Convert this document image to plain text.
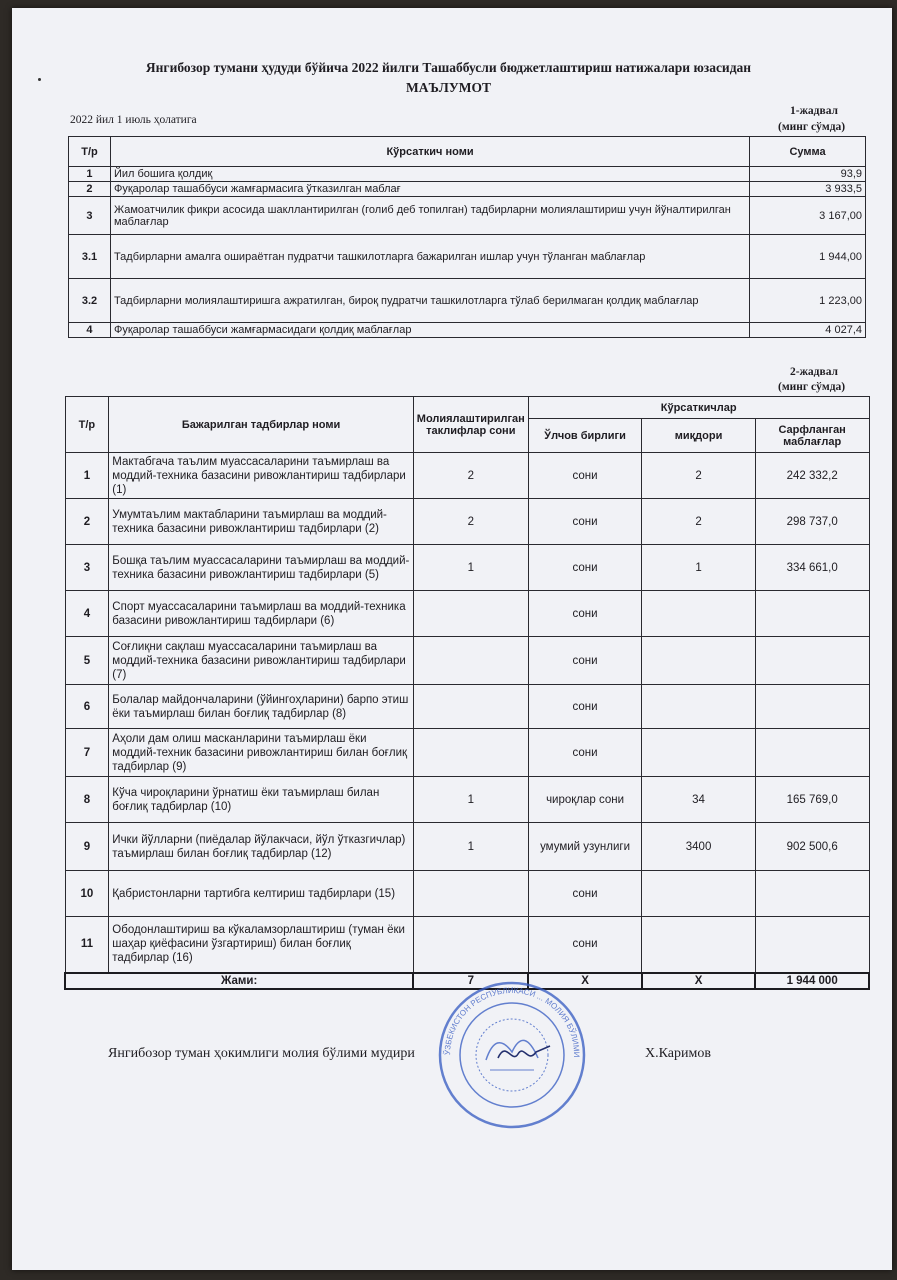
Янгибозор тумани ҳудуди бўйича 2022 йилги Ташаббусли бюджетлаштириш натижалари юзасидан
МАЪЛУМОТ
2022 йил 1 июль ҳолатига
1-жадвал
(минг сўмда)
Т/р	Кўрсаткич номи	Сумма
1	Йил бошига қолдиқ	93,9
2	Фуқаролар ташаббуси жамғармасига ўтказилган маблағ	3 933,5
3	Жамоатчилик фикри асосида шакллантирилган (голиб деб топилган) тадбирларни молиялаштириш учун йўналтирилган маблағлар	3 167,00
3.1	Тадбирларни амалга оширaётган пудратчи ташкилотларга бажарилган ишлар учун тўланган маблағлар	1 944,00
3.2	Тадбирларни молиялаштиришга ажратилган, бироқ пудратчи ташкилотларга тўлаб берилмаган қолдиқ маблағлар	1 223,00
4	Фуқаролар ташаббуси жамғармасидаги қолдиқ маблағлар	4 027,4
2-жадвал
(минг сўмда)
Т/р	Бажарилган тадбирлар номи	Молиялаштирилган таклифлар сони	Кўрсаткичлар		
			Ўлчов бирлиги	миқдори	Сарфланган маблағлар
1	Мактабгача таълим муассасаларини таъмирлаш ва моддий-техника базасини ривожлантириш тадбирлари (1)	2	сони	2	242 332,2
2	Умумтаълим мактабларини таъмирлаш ва моддий-техника базасини ривожлантириш тадбирлари (2)	2	сони	2	298 737,0
3	Бошқа таълим муассасаларини таъмирлаш ва моддий-техника базасини ривожлантириш тадбирлари (5)	1	сони	1	334 661,0
4	Спорт муассасаларини таъмирлаш ва моддий-техника базасини ривожлантириш тадбирлари (6)		сони		
5	Соғлиқни сақлаш муассасаларини таъмирлаш ва моддий-техника базасини ривожлантириш тадбирлари (7)		сони		
6	Болалар майдончаларини (ўйингоҳларини) барпо этиш ёки таъмирлаш билан боғлиқ тадбирлар (8)		сони		
7	Аҳоли дам олиш масканларини таъмирлаш ёки моддий-техник базасини ривожлантириш билан боғлиқ тадбирлар (9)		сони		
8	Кўча чироқларини ўрнатиш ёки таъмирлаш билан боғлиқ тадбирлар (10)	1	чироқлар сони	34	165 769,0
9	Ички йўлларни (пиёдалар йўлакчаси, йўл ўтказгичлар) таъмирлаш билан боғлиқ тадбирлар (12)	1	умумий узунлиги	3400	902 500,6
10	Қабристонларни тартибга келтириш тадбирлари (15)		сони		
11	Ободонлаштириш ва кўкаламзорлаштириш (туман ёки шаҳар қиёфасини ўзгартириш) билан боғлиқ тадбирлар (16)		сони		
Жами:		7	X	X	1 944 000
ЎЗБЕКИСТОН РЕСПУБЛИКАСИ ... МОЛИЯ БЎЛИМИ
Янгибозор туман ҳокимлиги молия бўлими мудири	Х.Каримов
